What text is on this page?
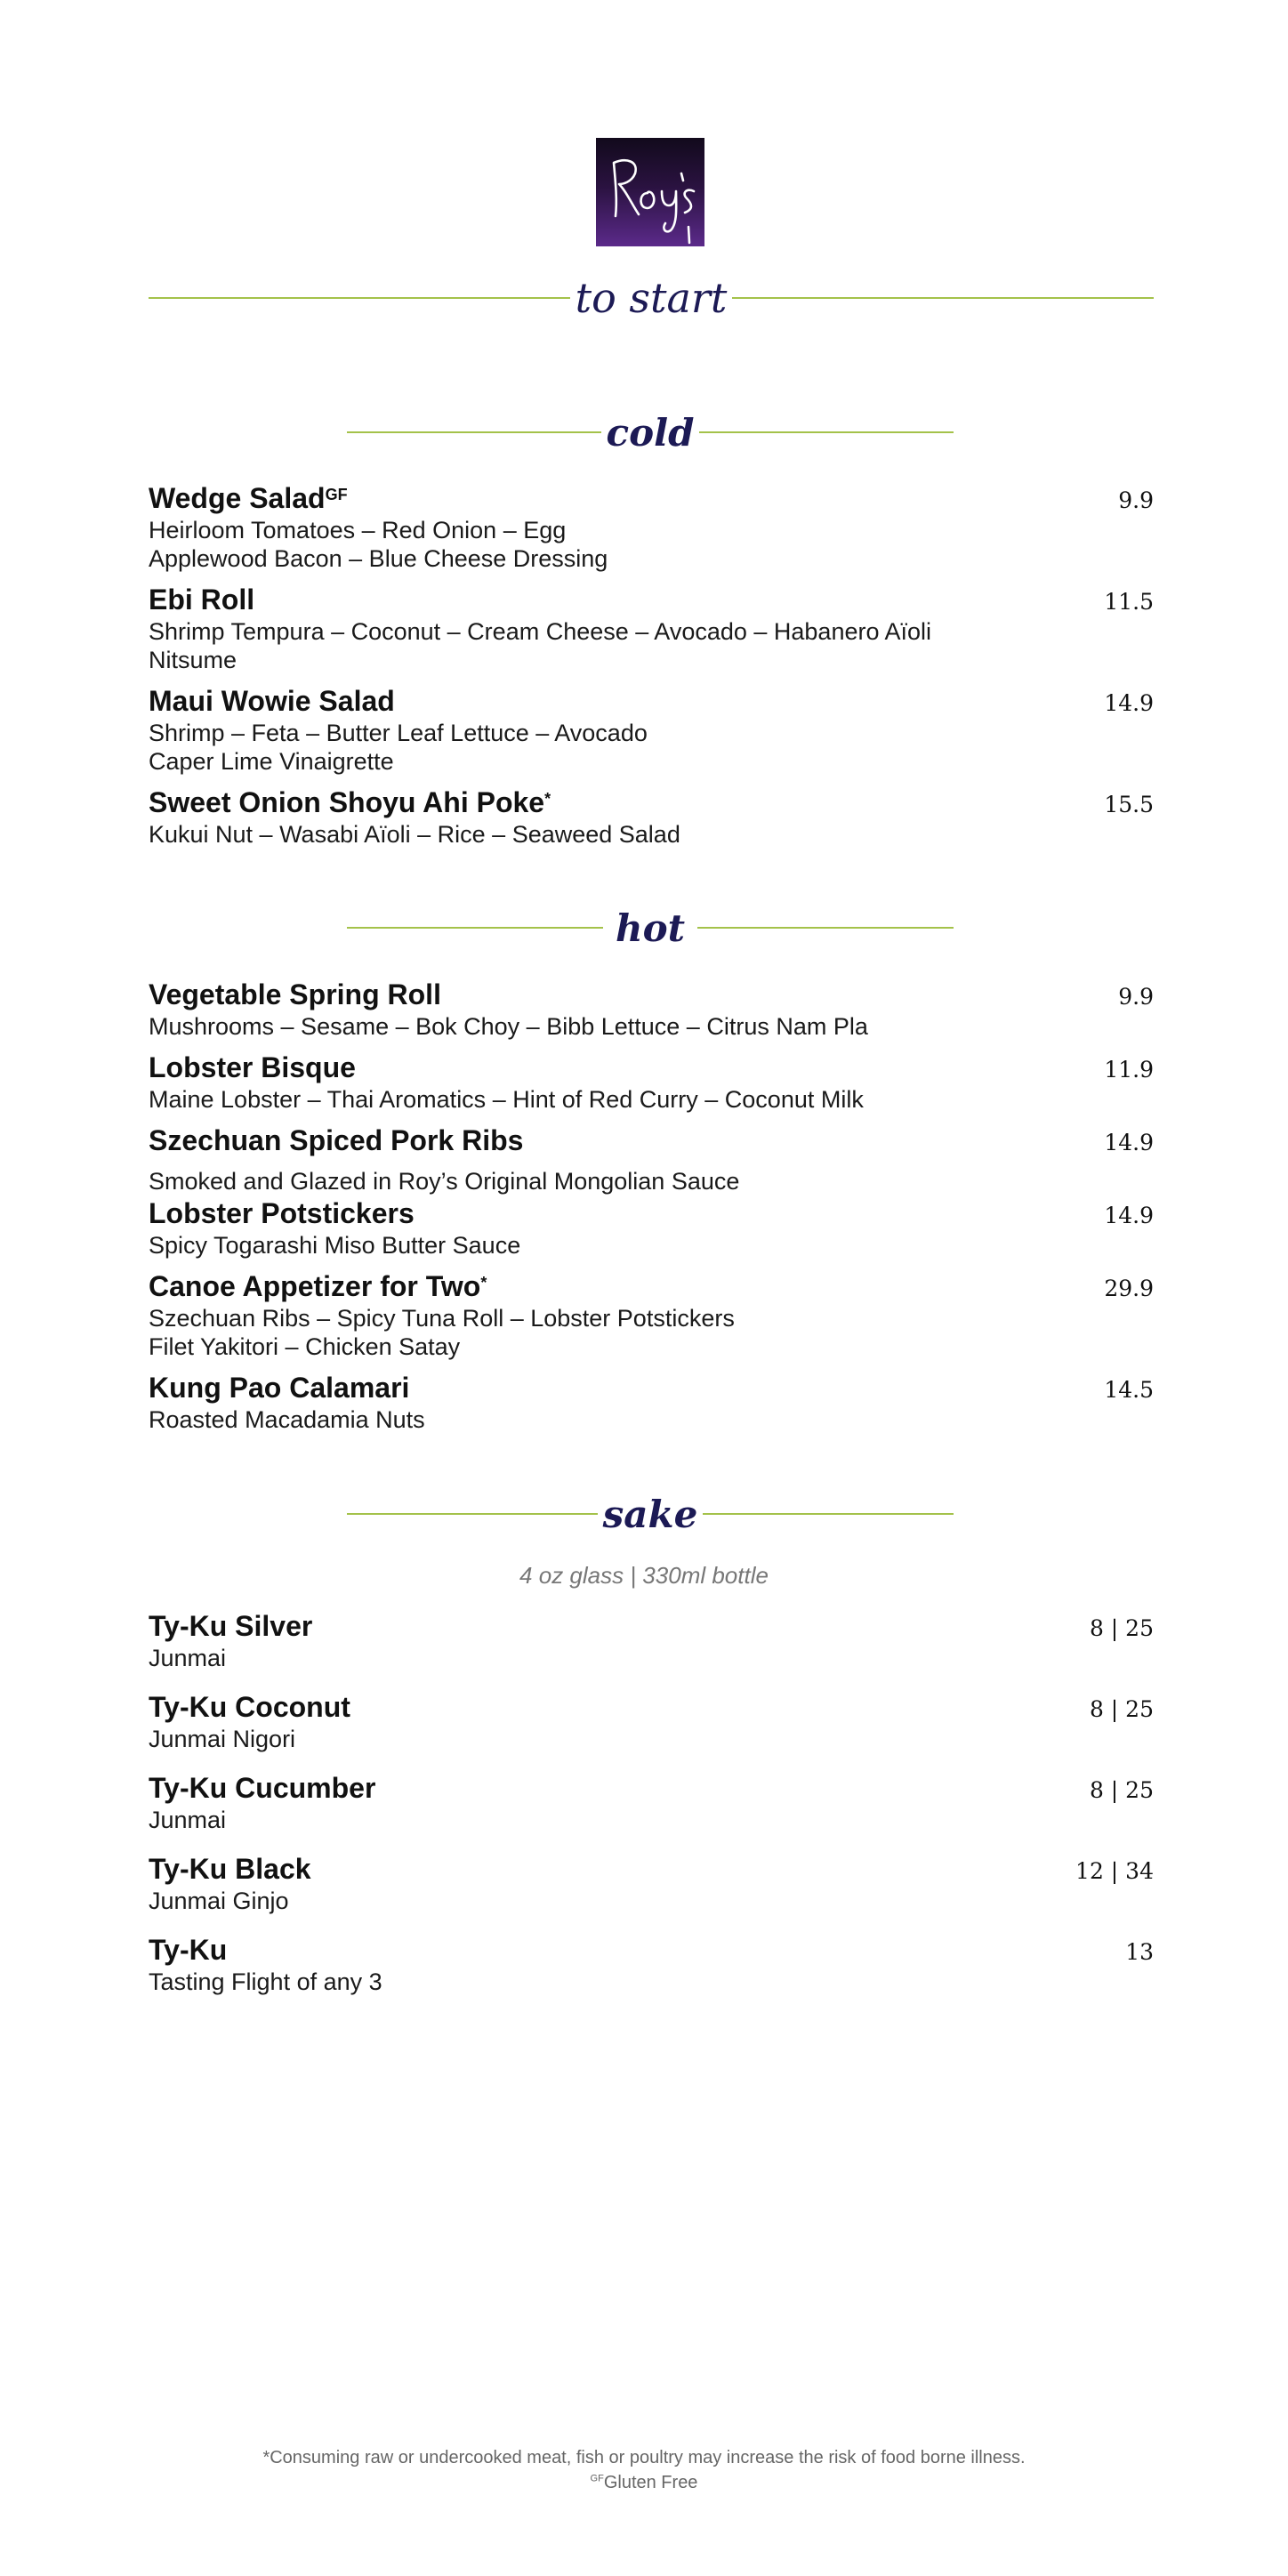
to start
cold
Wedge Salad$^{GF}$
Heirloom Tomatoes – Red Onion – Egg
Applewood Bacon – Blue Cheese Dressing
9.9
Ebi Roll
Shrimp Tempura – Coconut – Cream Cheese – Avocado – Habanero Aïoli
Nitsume
11.5
Maui Wowie Salad
Shrimp – Feta – Butter Leaf Lettuce – Avocado
Caper Lime Vinaigrette
14.9
Sweet Onion Shoyu Ahi Poke*
Kukui Nut – Wasabi Aïoli – Rice – Seaweed Salad
15.5
hot
Vegetable Spring Roll
Mushrooms – Sesame – Bok Choy – Bibb Lettuce – Citrus Nam Pla
9.9
Lobster Bisque
Maine Lobster – Thai Aromatics – Hint of Red Curry – Coconut Milk
11.9
Szechuan Spiced Pork Ribs
Smoked and Glazed in Roy’s Original Mongolian Sauce
14.9
Lobster Potstickers
Spicy Togarashi Miso Butter Sauce
14.9
Canoe Appetizer for Two*
Szechuan Ribs – Spicy Tuna Roll – Lobster Potstickers
Filet Yakitori – Chicken Satay
29.9
Kung Pao Calamari
Roasted Macadamia Nuts
14.5
sake
4 oz glass | 330ml bottle
Ty-Ku Silver
Junmai
8 | 25
Ty-Ku Coconut
Junmai Nigori
8 | 25
Ty-Ku Cucumber
Junmai
8 | 25
Ty-Ku Black
Junmai Ginjo
12 | 34
Ty-Ku
Tasting Flight of any 3
13
*Consuming raw or undercooked meat, fish or poultry may increase the risk of food borne illness.
$^{GF}$Gluten Free
